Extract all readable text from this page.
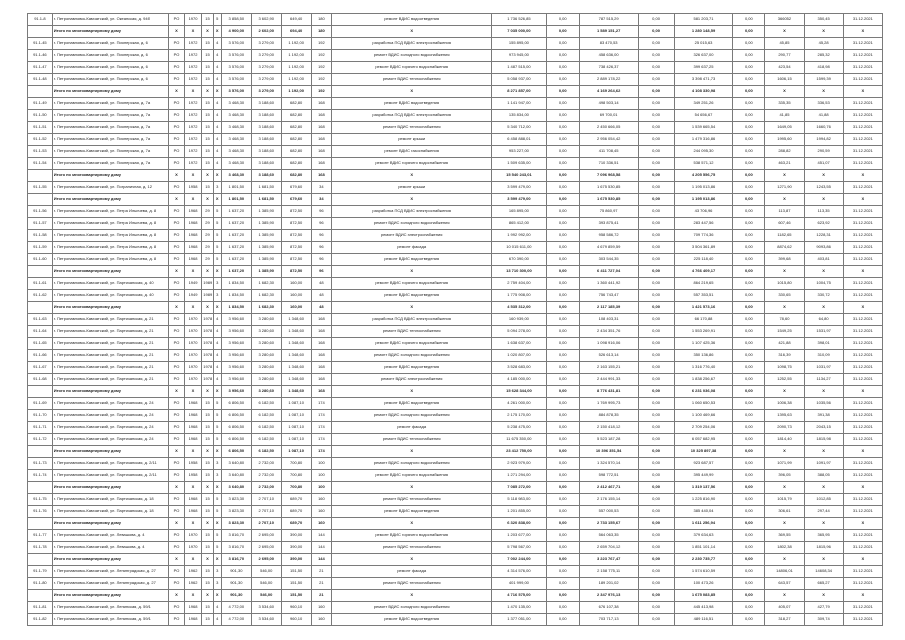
91.1-8	г. Петропавловск-Камчатский, ул. Океанская, д. 94б	РО	1970	15	5	3 858,50	3 602,90	649,40	180	ремонт ВДИС водоотведения	1 736 526,85	0,00	787 515,29	0,00	581 203,71	0,00	366052	350,45	31.12.2021
	Итого по многоквартирному дому	X	X	X	X	4 900,00	2 602,00	694,40	180	X	7 035 000,00	0,00	1 589 151,27	0,00	1 280 148,59	0,00	X	X	X
91.1-45	г. Петропавловск-Камчатский, ул. Пионерская, д. 6	РО	1972	15	4	3 576,00	3 279,00	1 192,00	192	разработка ПСД ВДИС электроснабжения	155 895,00	0,00	83 470,53	0,00	25 015,63	0,00	45,85	45,28	31.12.2021
91.1-46	г. Петропавловск-Камчатский, ул. Пионерская, д. 6	РО	1972	15	4	3 576,00	3 279,00	1 192,00	192	ремонт ВДИС холодного водоснабжения	973 945,00	0,00	458 636,00	0,00	326 637,00	0,00	290,77	285,32	31.12.2021
91.1-47	г. Петропавловск-Камчатский, ул. Пионерская, д. 6	РО	1972	15	4	3 576,00	3 279,00	1 192,00	192	ремонт ВДИС горячего водоснабжения	1 487 515,00	0,00	738 426,37	0,00	399 637,25	0,00	423,54	418,98	31.12.2021
91.1-48	г. Петропавловск-Камчатский, ул. Пионерская, д. 6	РО	1972	15	4	3 576,00	3 279,00	1 192,00	192	ремонт ВДИС теплоснабжения	5 058 937,00	0,00	2 889 178,22	0,00	3 398 471,73	0,00	1606,15	1599,39	31.12.2021
	Итого по многоквартирному дому	X	X	X	X	3 576,00	3 279,00	1 192,00	192	X	8 271 857,00	0,00	4 169 264,62	0,00	4 108 330,98	0,00	X	X	X
91.1-49	г. Петропавловск-Камчатский, ул. Пионерская, д. 7а	РО	1972	15	4	3 468,30	3 188,60	682,80	168	ремонт ВДИС водоотведения	1 141 947,00	0,00	498 503,14	0,00	349 251,26	0,00	335,35	336,53	31.12.2021
91.1-50	г. Петропавловск-Камчатский, ул. Пионерская, д. 7а	РО	1972	15	4	3 468,30	3 188,60	682,80	168	разработка ПСД ВДИС электроснабжения	135 834,00	0,00	69 700,01	0,00	54 656,67	0,00	41,85	41,88	31.12.2021
91.1-51	г. Петропавловск-Камчатский, ул. Пионерская, д. 7а	РО	1972	15	4	3 468,30	3 188,60	682,80	168	ремонт ВДИС теплоснабжения	5 340 712,00	0,00	2 450 666,05	0,00	1 539 665,54	0,00	1649,05	1660,76	31.12.2021
91.1-52	г. Петропавловск-Камчатский, ул. Пионерская, д. 7а	РО	1972	15	4	3 468,30	3 188,60	682,80	168	ремонт крыши	6 458 888,01	0,00	2 956 054,42	0,00	1 479 316,86	0,00	1995,60	1994,82	31.12.2021
91.1-53	г. Петропавловск-Камчатский, ул. Пионерская, д. 7а	РО	1972	15	4	3 468,30	3 188,60	682,80	168	ремонт ВДИС газоснабжения	953 227,00	0,00	411 708,45	0,00	244 095,30	0,00	288,82	290,59	31.12.2021
91.1-54	г. Петропавловск-Камчатский, ул. Пионерская, д. 7а	РО	1972	15	4	3 468,30	3 188,60	682,80	168	ремонт ВДИС горячего водоснабжения	1 509 635,00	0,00	710 336,51	0,00	538 571,12	0,00	463,21	451,07	31.12.2021
	Итого по многоквартирному дому	X	X	X	X	3 468,30	3 188,60	682,80	168	X	15 540 243,01	0,00	7 096 968,58	0,00	4 205 556,75	0,00	X	X	X
91.1-55	г. Петропавловск-Камчатский, ул. Пограничная, д. 12	РО	1958	15	3	1 801,50	1 681,50	679,60	34	ремонт крыши	3 599 479,00	0,00	1 675 530,85	0,00	1 195 013,86	0,00	1271,90	1243,55	31.12.2021
	Итого по многоквартирному дому	X	X	X	X	1 801,50	1 681,50	679,60	34	X	3 599 479,00	0,00	1 675 530,85	0,00	1 195 013,86	0,00	X	X	X
91.1-56	г. Петропавловск-Камчатский, ул. Петра Ильичева, д. 8	РО	1968	29	5	1 637,20	1 385,90	872,50	96	разработка ПСД ВДИС электроснабжения	165 895,00	0,00	75 860,97	0,00	43 706,96	0,00	113,87	113,35	31.12.2021
91.1-57	г. Петропавловск-Камчатский, ул. Петра Ильичева, д. 8	РО	1968	29	5	1 637,20	1 385,90	872,50	96	ремонт ВДИС холодного водоснабжения	865 412,00	0,00	393 875,41	0,00	283 447,56	0,00	607,46	623,92	31.12.2021
91.1-58	г. Петропавловск-Камчатский, ул. Петра Ильичева, д. 8	РО	1968	29	5	1 637,20	1 385,90	872,50	96	ремонт ВДИС электроснабжения	1 992 992,00	0,00	958 586,72	0,00	709 774,36	0,00	1182,65	1228,31	31.12.2021
91.1-59	г. Петропавловск-Камчатский, ул. Петра Ильичева, д. 8	РО	1968	29	5	1 637,20	1 385,90	872,50	96	ремонт фасада	10 015 611,00	0,00	4 679 859,59	0,00	3 504 361,89	0,00	8874,62	9093,86	31.12.2021
91.1-60	г. Петропавловск-Камчатский, ул. Петра Ильичева, д. 8	РО	1968	29	5	1 637,20	1 385,90	872,50	96	ремонт ВДИС водоотведения	670 390,00	0,00	303 544,35	0,00	225 118,40	0,00	399,68	403,81	31.12.2021
	Итого по многоквартирному дому	X	X	X	X	1 637,20	1 385,90	872,50	96	X	13 710 300,00	0,00	6 411 727,04	0,00	4 766 409,17	0,00	X	X	X
91.1-61	г. Петропавловск-Камчатский, ул. Партизанская, д. 40	РО	1949	1989	3	1 834,50	1 682,30	160,00	48	ремонт ВДИС горячего водоснабжения	2 759 404,00	0,00	1 360 441,92	0,00	864 219,65	0,00	1015,80	1004,75	31.12.2021
91.1-62	г. Петропавловск-Камчатский, ул. Партизанская, д. 40	РО	1949	1989	3	1 834,50	1 682,30	160,00	48	ремонт ВДИС водоотведения	1 775 908,00	0,00	756 743,47	0,00	557 353,51	0,00	330,65	330,72	31.12.2021
	Итого по многоквартирному дому	X	X	X	X	1 834,50	1 682,30	160,00	48	X	4 535 312,00	0,00	2 117 185,39	0,00	1 421 573,16	0,00	X	X	X
91.1-63	г. Петропавловск-Камчатский, ул. Партизанская, д. 21	РО	1970	1978	4	3 956,60	3 280,60	1 348,60	168	разработка ПСД ВДИС электроснабжения	160 939,00	0,00	108 403,31	0,00	66 170,88	0,00	78,60	64,80	31.12.2021
91.1-64	г. Петропавловск-Камчатский, ул. Партизанская, д. 21	РО	1970	1978	4	3 956,60	3 280,60	1 348,60	168	ремонт ВДИС теплоснабжения	5 094 278,00	0,00	2 434 351,76	0,00	1 553 269,91	0,00	1549,25	1531,97	31.12.2021
91.1-65	г. Петропавловск-Камчатский, ул. Партизанская, д. 21	РО	1970	1978	4	3 956,60	3 280,60	1 348,60	168	ремонт ВДИС горячего водоснабжения	1 638 637,00	0,00	1 098 916,06	0,00	1 107 425,36	0,00	421,88	398,01	31.12.2021
91.1-66	г. Петропавловск-Камчатский, ул. Партизанская, д. 21	РО	1970	1978	4	3 956,60	3 280,60	1 348,60	168	ремонт ВДИС холодного водоснабжения	1 020 807,00	0,00	526 613,14	0,00	350 136,86	0,00	316,39	310,09	31.12.2021
91.1-67	г. Петропавловск-Камчатский, ул. Партизанская, д. 21	РО	1970	1978	4	3 956,60	3 280,60	1 348,60	168	ремонт ВДИС водоотведения	3 528 683,00	0,00	2 163 155,21	0,00	1 316 776,40	0,00	1098,75	1031,97	31.12.2021
91.1-68	г. Петропавловск-Камчатский, ул. Партизанская, д. 21	РО	1970	1978	4	3 956,60	3 280,60	1 348,60	168	ремонт ВДИС электроснабжения	4 185 000,00	0,00	2 444 991,33	0,00	1 838 256,67	0,00	1252,55	1134,27	31.12.2021
	Итого по многоквартирному дому	X	X	X	X	3 956,60	3 280,60	1 348,60	168	X	15 628 344,00	0,00	8 776 431,81	0,00	6 231 036,08	0,00	X	X	X
91.1-69	г. Петропавловск-Камчатский, ул. Партизанская, д. 24	РО	1968	15	5	6 806,50	6 182,50	1 087,10	174	ремонт ВДИС водоотведения	4 261 000,00	0,00	1 769 995,73	0,00	1 060 650,53	0,00	1006,38	1035,56	31.12.2021
91.1-70	г. Петропавловск-Камчатский, ул. Партизанская, д. 24	РО	1968	15	5	6 806,50	6 182,50	1 087,10	174	ремонт ВДИС холодного водоснабжения	2 175 170,00	0,00	884 878,35	0,00	1 100 469,66	0,00	1395,63	391,38	31.12.2021
91.1-71	г. Петропавловск-Камчатский, ул. Партизанская, д. 24	РО	1968	15	5	6 806,50	6 182,50	1 087,10	174	ремонт фасада	5 238 475,00	0,00	2 150 418,12	0,00	2 709 254,06	0,00	2090,73	2043,15	31.12.2021
91.1-72	г. Петропавловск-Камчатский, ул. Партизанская, д. 24	РО	1968	15	5	6 806,50	6 182,50	1 087,10	174	ремонт ВДИС теплоснабжения	11 675 350,00	0,00	5 523 187,28	0,00	6 057 682,95	0,00	1814,40	1815,98	31.12.2021
	Итого по многоквартирному дому	X	X	X	X	6 806,50	6 182,50	1 087,10	174	X	23 412 750,00	0,00	10 396 351,54	0,00	10 325 897,38	0,00	X	X	X
91.1-73	г. Петропавловск-Камчатский, ул. Партизанская, д. 2/11	РО	1958	15	3	3 640,80	2 732,00	700,80	100	ремонт ВДИС холодного водоснабжения	2 923 979,00	0,00	1 324 570,14	0,00	923 687,57	0,00	1071,99	1091,97	31.12.2021
91.1-74	г. Петропавловск-Камчатский, ул. Партизанская, д. 2/11	РО	1958	15	3	3 640,80	2 732,00	700,80	100	ремонт ВДИС горячего водоснабжения	1 271 294,00	0,00	598 772,51	0,00	395 449,99	0,00	396,05	388,05	31.12.2021
	Итого по многоквартирному дому	X	X	X	X	3 640,80	2 732,00	700,80	100	X	7 085 272,00	0,00	2 412 467,71	0,00	1 319 137,56	0,00	X	X	X
91.1-75	г. Петропавловск-Камчатский, ул. Партизанская, д. 18	РО	1968	15	5	3 823,30	2 707,10	689,70	160	ремонт ВДИС теплоснабжения	5 118 983,00	0,00	2 176 155,14	0,00	1 225 816,90	0,00	1015,79	1012,85	31.12.2021
91.1-76	г. Петропавловск-Камчатский, ул. Партизанская, д. 18	РО	1968	15	5	3 823,30	2 707,10	689,70	160	ремонт ВДИС водоотведения	1 201 855,00	0,00	557 000,53	0,00	385 440,04	0,00	306,61	297,44	31.12.2021
	Итого по многоквартирному дому	X	X	X	X	3 823,30	2 707,10	689,70	160	X	6 320 838,00	0,00	2 733 155,67	0,00	1 611 256,94	0,00	X	X	X
91.1-77	г. Петропавловск-Камчатский, ул. Левашова, д. 4	РО	1970	15	5	3 816,70	2 695,00	390,00	144	ремонт ВДИС горячего водоснабжения	1 203 677,00	0,00	564 063,35	0,00	379 634,63	0,00	369,55	365,95	31.12.2021
91.1-78	г. Петропавловск-Камчатский, ул. Левашова, д. 4	РО	1970	15	5	3 816,70	2 695,00	390,00	144	ремонт ВДИС теплоснабжения	5 798 567,00	0,00	2 659 704,12	0,00	1 851 101,14	0,00	1802,38	1815,96	31.12.2021
	Итого по многоквартирному дому	X	X	X	X	3 816,70	2 695,00	390,00	144	X	7 002 244,00	0,00	3 223 767,47	0,00	2 230 735,77	0,00	X	X	X
91.1-79	г. Петропавловск-Камчатский, ул. Ленинградская, д. 27	РО	1962	15	3	901,30	546,00	151,50	21	ремонт фасада	4 314 576,00	0,00	2 158 775,11	0,00	1 574 610,59	0,00	14806,01	14608,34	31.12.2021
91.1-80	г. Петропавловск-Камчатский, ул. Ленинградская, д. 27	РО	1962	15	3	901,30	546,00	151,50	21	ремонт ВДИС теплоснабжения	401 999,00	0,00	189 201,02	0,00	100 473,26	0,00	643,57	665,27	31.12.2021
	Итого по многоквартирному дому	X	X	X	X	901,30	546,00	151,50	21	X	4 716 575,00	0,00	2 347 976,13	0,00	1 675 083,85	0,00	X	X	X
91.1-81	г. Петропавловск-Камчатский, ул. Ленинская, д. 59/1	РО	1968	15	4	4 772,00	3 534,60	960,10	160	ремонт ВДИС холодного водоснабжения	1 470 135,00	0,00	676 107,38	0,00	445 413,98	0,00	405,07	427,79	31.12.2021
91.1-82	г. Петропавловск-Камчатский, ул. Ленинская, д. 59/1	РО	1968	15	4	4 772,00	3 534,60	960,10	160	ремонт ВДИС водоотведения	1 377 051,00	0,00	703 717,13	0,00	489 116,51	0,00	318,27	309,74	31.12.2021
